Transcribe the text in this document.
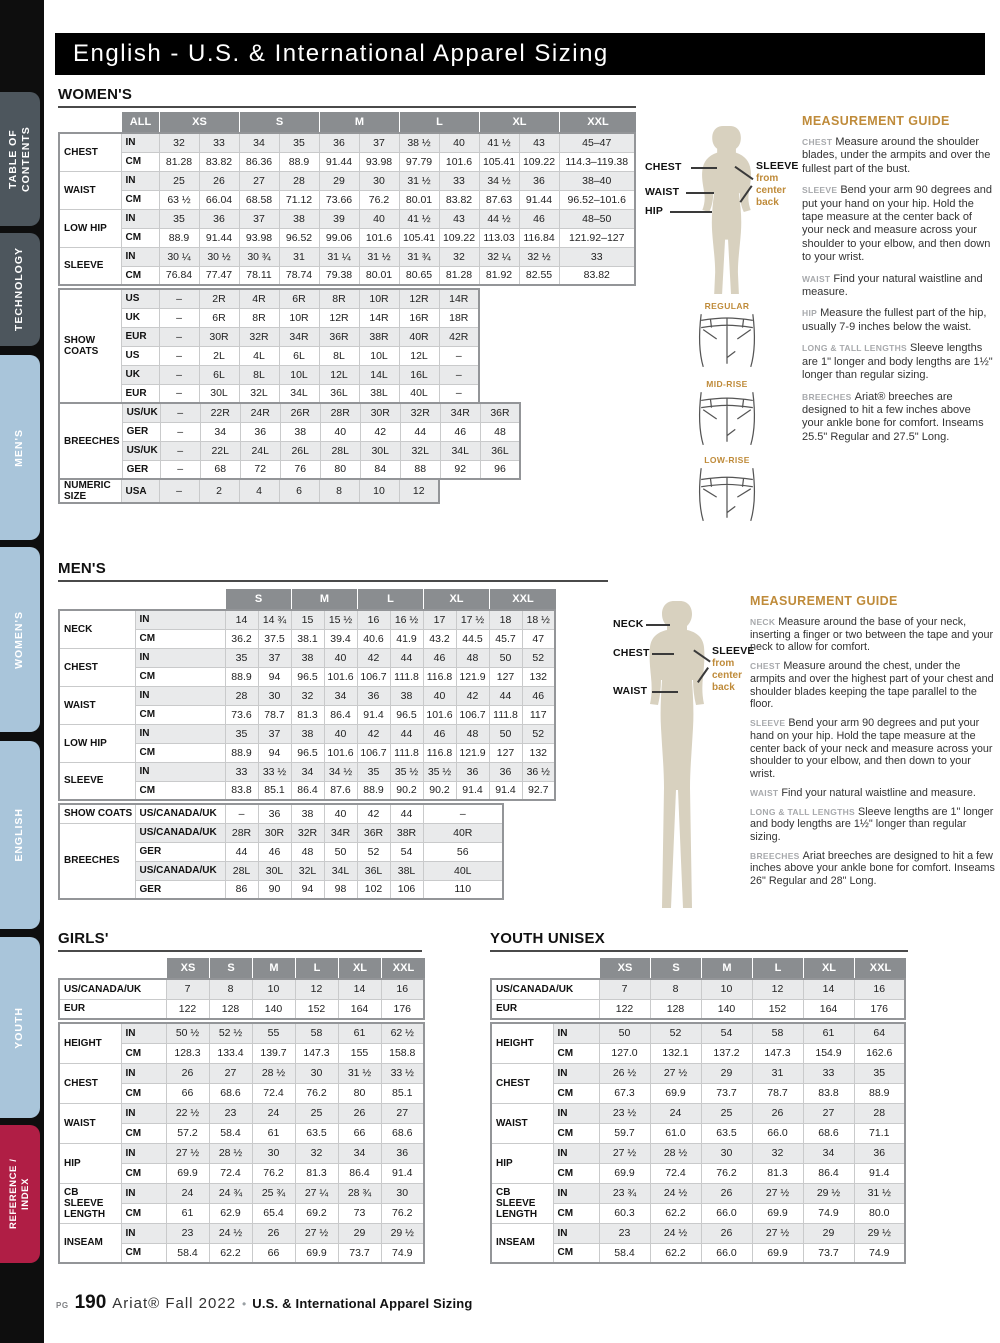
TABLE OF CONTENTS
TECHNOLOGY
MEN'S
WOMEN'S
ENGLISH
YOUTH
REFERENCE / INDEX
English - U.S. & International Apparel Sizing
WOMEN'S
ALL	XS	S	M	L	XL	XXL
CHEST	IN	32	33	34	35	36	37	38 ½	40	41 ½	43	45–47
	CM	81.28	83.82	86.36	88.9	91.44	93.98	97.79	101.6	105.41	109.22	114.3–119.38
WAIST	IN	25	26	27	28	29	30	31 ½	33	34 ½	36	38–40
	CM	63 ½	66.04	68.58	71.12	73.66	76.2	80.01	83.82	87.63	91.44	96.52–101.6
LOW HIP	IN	35	36	37	38	39	40	41 ½	43	44 ½	46	48–50
	CM	88.9	91.44	93.98	96.52	99.06	101.6	105.41	109.22	113.03	116.84	121.92–127
SLEEVE	IN	30 ¼	30 ½	30 ¾	31	31 ¼	31 ½	31 ¾	32	32 ¼	32 ½	33
	CM	76.84	77.47	78.11	78.74	79.38	80.01	80.65	81.28	81.92	82.55	83.82
SHOW COATS	US	–	2R	4R	6R	8R	10R	12R	14R
	UK	–	6R	8R	10R	12R	14R	16R	18R
	EUR	–	30R	32R	34R	36R	38R	40R	42R
	US	–	2L	4L	6L	8L	10L	12L	–
	UK	–	6L	8L	10L	12L	14L	16L	–
	EUR	–	30L	32L	34L	36L	38L	40L	–
BREECHES	US/UK	–	22R	24R	26R	28R	30R	32R	34R	36R
	GER	–	34	36	38	40	42	44	46	48
	US/UK	–	22L	24L	26L	28L	30L	32L	34L	36L
	GER	–	68	72	76	80	84	88	92	96
NUMERIC SIZE	USA	–	2	4	6	8	10	12
CHEST
WAIST
HIP
SLEEVE
from center back
REGULAR
MID-RISE
LOW-RISE
MEASUREMENT GUIDE
CHEST Measure around the shoulder blades, under the armpits and over the fullest part of the bust.
SLEEVE Bend your arm 90 degrees and put your hand on your hip. Hold the tape measure at the center back of your neck and measure across your shoulder to your elbow, and then down to your wrist.
WAIST Find your natural waistline and measure.
HIP Measure the fullest part of the hip, usually 7-9 inches below the waist.
LONG & TALL LENGTHS Sleeve lengths are 1" longer and body lengths are 1½" longer than regular sizing.
BREECHES Ariat® breeches are designed to hit a few inches above your ankle bone for comfort. Inseams 25.5" Regular and 27.5" Long.
MEN'S
S	M	L	XL	XXL
NECK	IN	14	14 ¾	15	15 ½	16	16 ½	17	17 ½	18	18 ½
	CM	36.2	37.5	38.1	39.4	40.6	41.9	43.2	44.5	45.7	47
CHEST	IN	35	37	38	40	42	44	46	48	50	52
	CM	88.9	94	96.5	101.6	106.7	111.8	116.8	121.9	127	132
WAIST	IN	28	30	32	34	36	38	40	42	44	46
	CM	73.6	78.7	81.3	86.4	91.4	96.5	101.6	106.7	111.8	117
LOW HIP	IN	35	37	38	40	42	44	46	48	50	52
	CM	88.9	94	96.5	101.6	106.7	111.8	116.8	121.9	127	132
SLEEVE	IN	33	33 ½	34	34 ½	35	35 ½	35 ½	36	36	36 ½
	CM	83.8	85.1	86.4	87.6	88.9	90.2	90.2	91.4	91.4	92.7
SHOW COATS	US/CANADA/UK	–	36	38	40	42	44	–
BREECHES	US/CANADA/UK	28R	30R	32R	34R	36R	38R	40R
	GER	44	46	48	50	52	54	56
	US/CANADA/UK	28L	30L	32L	34L	36L	38L	40L
	GER	86	90	94	98	102	106	110
NECK
CHEST
WAIST
SLEEVE
from center back
MEASUREMENT GUIDE
NECK Measure around the base of your neck, inserting a finger or two between the tape and your neck to allow for comfort.
CHEST Measure around the chest, under the armpits and over the highest part of your chest and shoulder blades keeping the tape parallel to the floor.
SLEEVE Bend your arm 90 degrees and put your hand on your hip. Hold the tape measure at the center back of your neck and measure across your shoulder to your elbow, and then down to your wrist.
WAIST Find your natural waistline and measure.
LONG & TALL LENGTHS Sleeve lengths are 1" longer and body lengths are 1½" longer than regular sizing.
BREECHES Ariat breeches are designed to hit a few inches above your ankle bone for comfort. Inseams 26" Regular and 28" Long.
GIRLS'
XS	S	M	L	XL	XXL
US/CANADA/UK	7	8	10	12	14	16
EUR	122	128	140	152	164	176
HEIGHT	IN	50 ½	52 ½	55	58	61	62 ½
	CM	128.3	133.4	139.7	147.3	155	158.8
CHEST	IN	26	27	28 ½	30	31 ½	33 ½
	CM	66	68.6	72.4	76.2	80	85.1
WAIST	IN	22 ½	23	24	25	26	27
	CM	57.2	58.4	61	63.5	66	68.6
HIP	IN	27 ½	28 ½	30	32	34	36
	CM	69.9	72.4	76.2	81.3	86.4	91.4
CB SLEEVE LENGTH	IN	24	24 ¾	25 ¾	27 ¼	28 ¾	30
	CM	61	62.9	65.4	69.2	73	76.2
INSEAM	IN	23	24 ½	26	27 ½	29	29 ½
	CM	58.4	62.2	66	69.9	73.7	74.9
YOUTH UNISEX
XS	S	M	L	XL	XXL
US/CANADA/UK	7	8	10	12	14	16
EUR	122	128	140	152	164	176
HEIGHT	IN	50	52	54	58	61	64
	CM	127.0	132.1	137.2	147.3	154.9	162.6
CHEST	IN	26 ½	27 ½	29	31	33	35
	CM	67.3	69.9	73.7	78.7	83.8	88.9
WAIST	IN	23 ½	24	25	26	27	28
	CM	59.7	61.0	63.5	66.0	68.6	71.1
HIP	IN	27 ½	28 ½	30	32	34	36
	CM	69.9	72.4	76.2	81.3	86.4	91.4
CB SLEEVE LENGTH	IN	23 ¾	24 ½	26	27 ½	29 ½	31 ½
	CM	60.3	62.2	66.0	69.9	74.9	80.0
INSEAM	IN	23	24 ½	26	27 ½	29	29 ½
	CM	58.4	62.2	66.0	69.9	73.7	74.9
PG 190 Ariat® Fall 2022 • U.S. & International Apparel Sizing
